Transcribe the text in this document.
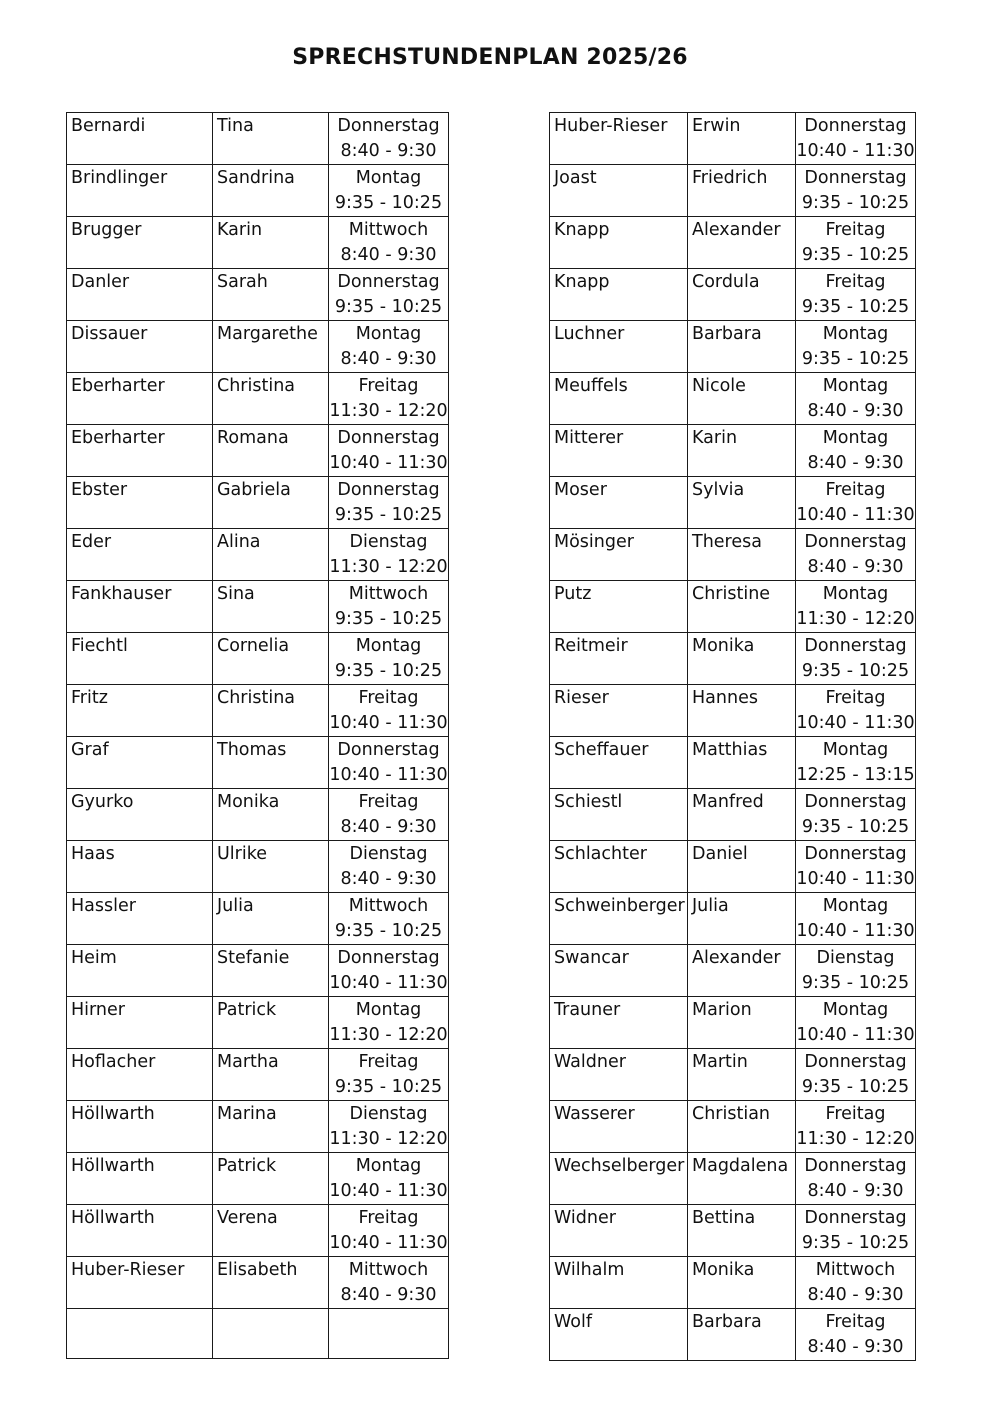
SPRECHSTUNDENPLAN 2025/26
Bernardi	Tina	Donnerstag
8:40 - 9:30

Brindlinger	Sandrina	Montag
9:35 - 10:25

Brugger	Karin	Mittwoch
8:40 - 9:30

Danler	Sarah	Donnerstag
9:35 - 10:25

Dissauer	Margarethe	Montag
8:40 - 9:30

Eberharter	Christina	Freitag
11:30 - 12:20

Eberharter	Romana	Donnerstag
10:40 - 11:30

Ebster	Gabriela	Donnerstag
9:35 - 10:25

Eder	Alina	Dienstag
11:30 - 12:20

Fankhauser	Sina	Mittwoch
9:35 - 10:25

Fiechtl	Cornelia	Montag
9:35 - 10:25

Fritz	Christina	Freitag
10:40 - 11:30

Graf	Thomas	Donnerstag
10:40 - 11:30

Gyurko	Monika	Freitag
8:40 - 9:30

Haas	Ulrike	Dienstag
8:40 - 9:30

Hassler	Julia	Mittwoch
9:35 - 10:25

Heim	Stefanie	Donnerstag
10:40 - 11:30

Hirner	Patrick	Montag
11:30 - 12:20

Hoflacher	Martha	Freitag
9:35 - 10:25

Höllwarth	Marina	Dienstag
11:30 - 12:20

Höllwarth	Patrick	Montag
10:40 - 11:30

Höllwarth	Verena	Freitag
10:40 - 11:30

Huber-Rieser	Elisabeth	Mittwoch
8:40 - 9:30

Huber-Rieser	Erwin	Donnerstag
10:40 - 11:30

Joast	Friedrich	Donnerstag
9:35 - 10:25

Knapp	Alexander	Freitag
9:35 - 10:25

Knapp	Cordula	Freitag
9:35 - 10:25

Luchner	Barbara	Montag
9:35 - 10:25

Meuffels	Nicole	Montag
8:40 - 9:30

Mitterer	Karin	Montag
8:40 - 9:30

Moser	Sylvia	Freitag
10:40 - 11:30

Mösinger	Theresa	Donnerstag
8:40 - 9:30

Putz	Christine	Montag
11:30 - 12:20

Reitmeir	Monika	Donnerstag
9:35 - 10:25

Rieser	Hannes	Freitag
10:40 - 11:30

Scheffauer	Matthias	Montag
12:25 - 13:15

Schiestl	Manfred	Donnerstag
9:35 - 10:25

Schlachter	Daniel	Donnerstag
10:40 - 11:30

Schweinberger	Julia	Montag
10:40 - 11:30

Swancar	Alexander	Dienstag
9:35 - 10:25

Trauner	Marion	Montag
10:40 - 11:30

Waldner	Martin	Donnerstag
9:35 - 10:25

Wasserer	Christian	Freitag
11:30 - 12:20

Wechselberger	Magdalena	Donnerstag
8:40 - 9:30

Widner	Bettina	Donnerstag
9:35 - 10:25

Wilhalm	Monika	Mittwoch
8:40 - 9:30

Wolf	Barbara	Freitag
8:40 - 9:30
